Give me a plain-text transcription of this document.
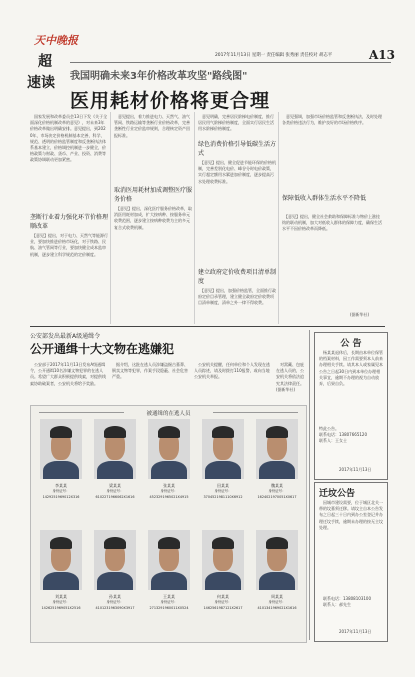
天中晚报
超
速读
2017年11月13日 星期一 责任编辑 张秀丽 责任校对 胡志平	A13
我国明确未来3年价格改革攻坚"路线图"
医用耗材价格将更合理
　国家发展和改革委员会13日下发《关于全面深化价格机制改革的意见》，对未来3年价格改革做出明确安排。意见提出，到2020年，市场决定价格机制基本完善，科学、规范、透明的价格监管制度和反垄断执法体系基本建立，价格调控机制进一步健全，价格政策与财政、货币、产业、投资、消费等政策协调联动更加紧密。
垄断行业着力强化环节价格理顺改革
　【意见】提出，对于电力、天然气等能源行业，要加快推进价格市场化，对于铁路、民航、油气管网等行业，要加快健全成本监审机制，逐步建立科学规范的定价制度。
　意见提出，着力推进电力、天然气、油气管网、铁路运输等垄断行业价格改革，完善垄断性行业定价监审规则，合理核定资产回报标准。
取消医用耗材加成调整医疗服务价格
　【意见】提出，深化医疗服务价格改革，取消医用耗材加成，扩大按病种、按服务单元收费范围，逐步建立按病种收费为主的多元复合式收费机制。
　意见明确，完善居民阶梯电价制度，推行居民用气阶梯价格制度，全面实行居民生活用水阶梯价格制度。
绿色消费价格引导低碳生活方式
　【意见】提出，健全促进节能环保的价格机制，完善差别化电价、峰谷分时电价政策，实行超定额用水累进加价制度，逐步提高污水处理收费标准。
建立政府定价收费项目清单制度
　【意见】提出，加强价格监管，全面推行政府定价目录管理，建立健全政府定价收费项目清单制度，清单之外一律不得收费。
　意见强调，加强市场价格监管和反垄断执法，及时处理各类价格违法行为，维护良好的市场价格秩序。
保障低收入群体生活水平不降低
　【意见】提出，健全社会救助和保障标准与物价上涨挂钩的联动机制，加大对低收入群体的保障力度，确保生活水平不因价格改革而降低。
(据新华社)
公安部发出最新A级通缉令
公开通缉十大文物在逃嫌犯
　公安部于2017年11月13日发布A级通缉令，公开通缉10名涉嫌文物犯罪的在逃人员。希望广大群众积极提供线索，对提供线索协助破案者，公安机关将给予奖励。
　据介绍，这批在逃人员涉嫌盗掘古墓葬、倒卖文物等犯罪，作案手段隐蔽、社会危害严重。
　公安机关提醒，任何单位和个人发现在逃人员踪迹，请及时拨打110报警，或向当地公安机关举报。
　对窝藏、包庇在逃人员的，公安机关将依法追究其法律责任。(据新华社)
被通缉的在逃人员
李某某
身份证号：1429251969012X316
梁某某
身份证号：6102271966062X1616
张某某
身份证号：4523291965021X4915
田某某
身份证号：3704521981110X6912
魏某某
身份证号：1624021970051X0617
刘某某
身份证号：1426251969051X2516
孙某某
身份证号：4101231963090X3917
王某某
身份证号：2713291960011X0524
何某某
身份证号：1462561987121X2617
周某某
身份证号：4101341969021X1616
公 告
　杨某某退休后，长期由本单位保管的档案材料，因工作需要须本人前来办理相关手续。请其本人或家属见本公告之日起30日内到本单位办理相关事宜，逾期不办理的视为自动放弃，后果自负。
特此公告。
联系电话：13807665120
联系人：王女士
2017年11月13日
迁坟公告
　因城市建设需要，位于城区北关一带的坟墓须迁移。请坟主自本公告发布之日起三十日内到办公室登记并办理迁坟手续，逾期未办理的按无主坟处理。
　联系电话：13808103100
　联系人：郝先生
2017年11月13日
